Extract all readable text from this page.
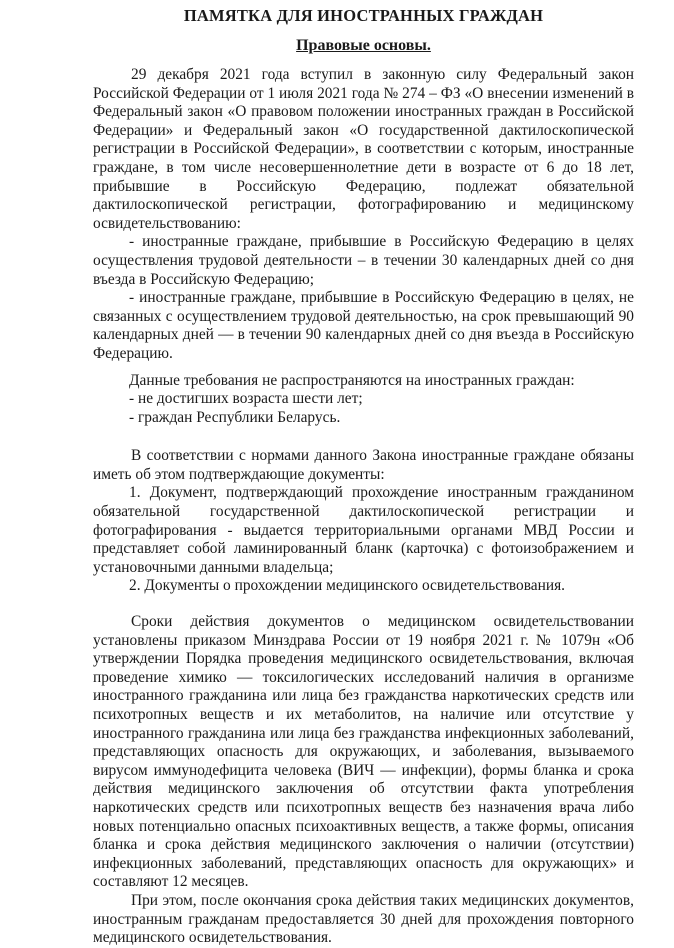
ПАМЯТКА ДЛЯ ИНОСТРАННЫХ ГРАЖДАН
Правовые основы.

29 декабря 2021 года вступил в законную силу Федеральный закон Российской Федерации от 1 июля 2021 года № 274 – ФЗ «О внесении изменений в Федеральный закон «О правовом положении иностранных граждан в Российской Федерации» и Федеральный закон «О государственной дактилоскопической регистрации в Российской Федерации», в соответствии с которым, иностранные граждане, в том числе несовершеннолетние дети в возрасте от 6 до 18 лет, прибывшие в Российскую Федерацию, подлежат обязательной дактилоскопической регистрации, фотографированию и медицинскому освидетельствованию:

- иностранные граждане, прибывшие в Российскую Федерацию в целях осуществления трудовой деятельности – в течении 30 календарных дней со дня въезда в Российскую Федерацию;

- иностранные граждане, прибывшие в Российскую Федерацию в целях, не связанных с осуществлением трудовой деятельностью, на срок превышающий 90 календарных дней — в течении 90 календарных дней со дня въезда в Российскую Федерацию.

Данные требования не распространяются на иностранных граждан:

- не достигших возраста шести лет;

- граждан Республики Беларусь.

В соответствии с нормами данного Закона иностранные граждане обязаны иметь об этом подтверждающие документы:

1. Документ, подтверждающий прохождение иностранным гражданином обязательной государственной дактилоскопической регистрации и фотографирования - выдается территориальными органами МВД России и представляет собой ламинированный бланк (карточка) с фотоизображением и установочными данными владельца;

2. Документы о прохождении медицинского освидетельствования.

Сроки действия документов о медицинском освидетельствовании установлены приказом Минздрава России от 19 ноября 2021 г. № 1079н «Об утверждении Порядка проведения медицинского освидетельствования, включая проведение химико — токсилогических исследований наличия в организме иностранного гражданина или лица без гражданства наркотических средств или психотропных веществ и их метаболитов, на наличие или отсутствие у иностранного гражданина или лица без гражданства инфекционных заболеваний, представляющих опасность для окружающих, и заболевания, вызываемого вирусом иммунодефицита человека (ВИЧ — инфекции), формы бланка и срока действия медицинского заключения об отсутствии факта употребления наркотических средств или психотропных веществ без назначения врача либо новых потенциально опасных психоактивных веществ, а также формы, описания бланка и срока действия медицинского заключения о наличии (отсутствии) инфекционных заболеваний, представляющих опасность для окружающих» и составляют 12 месяцев.

При этом, после окончания срока действия таких медицинских документов, иностранным гражданам предоставляется 30 дней для прохождения повторного медицинского освидетельствования.
